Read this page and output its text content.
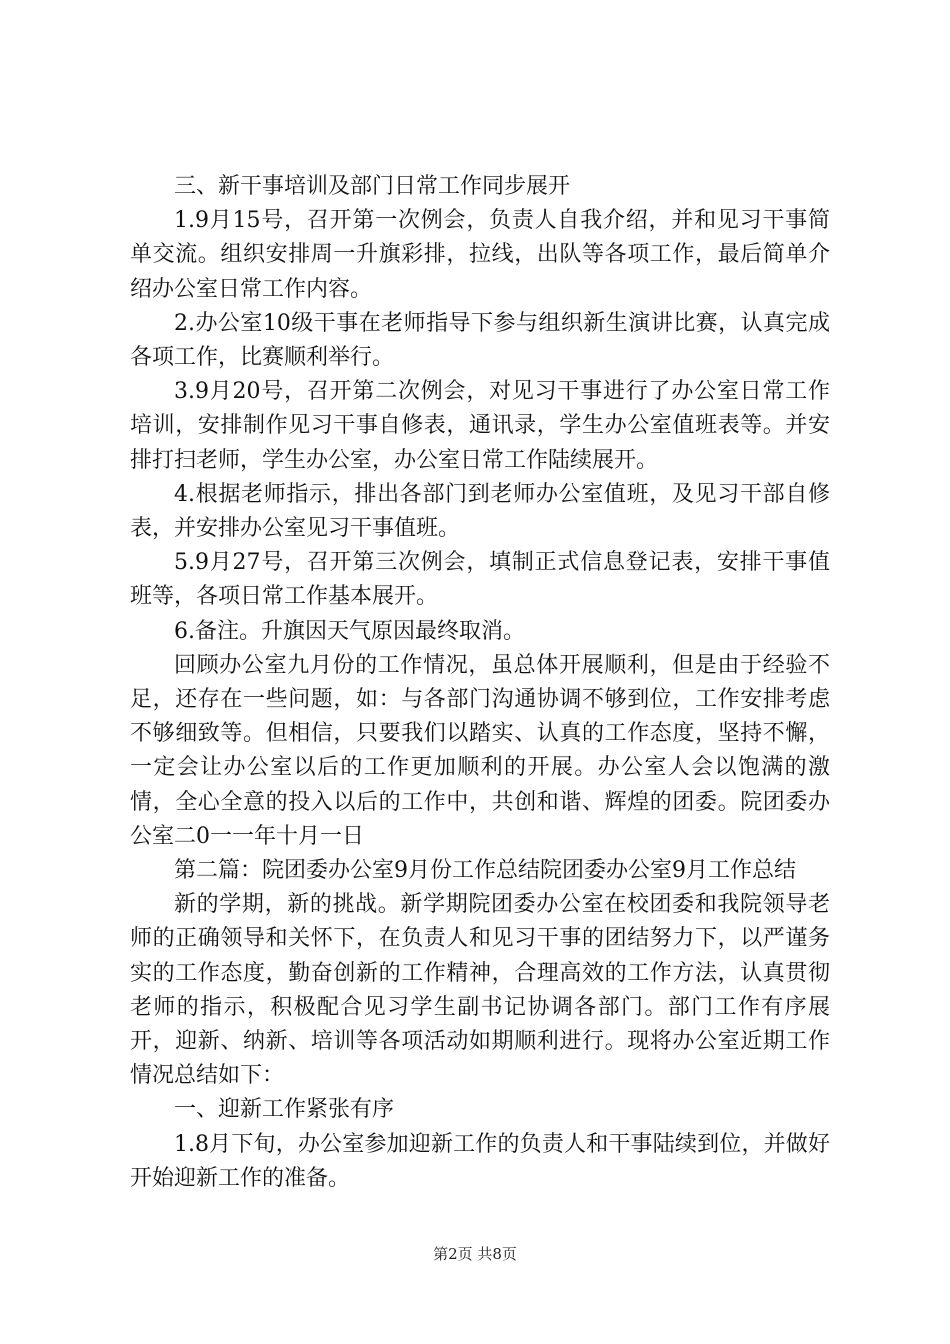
三、新干事培训及部门日常工作同步展开

1.9月15号，召开第一次例会，负责人自我介绍，并和见习干事简单交流。组织安排周一升旗彩排，拉线，出队等各项工作，最后简单介绍办公室日常工作内容。

2.办公室10级干事在老师指导下参与组织新生演讲比赛，认真完成各项工作，比赛顺利举行。

3.9月20号，召开第二次例会，对见习干事进行了办公室日常工作培训，安排制作见习干事自修表，通讯录，学生办公室值班表等。并安排打扫老师，学生办公室，办公室日常工作陆续展开。

4.根据老师指示，排出各部门到老师办公室值班，及见习干部自修表，并安排办公室见习干事值班。

5.9月27号，召开第三次例会，填制正式信息登记表，安排干事值班等，各项日常工作基本展开。

6.备注。升旗因天气原因最终取消。

回顾办公室九月份的工作情况，虽总体开展顺利，但是由于经验不足，还存在一些问题，如：与各部门沟通协调不够到位，工作安排考虑不够细致等。但相信，只要我们以踏实、认真的工作态度，坚持不懈，一定会让办公室以后的工作更加顺利的开展。办公室人会以饱满的激情，全心全意的投入以后的工作中，共创和谐、辉煌的团委。院团委办公室二0一一年十月一日

第二篇：院团委办公室9月份工作总结院团委办公室9月工作总结

新的学期，新的挑战。新学期院团委办公室在校团委和我院领导老师的正确领导和关怀下，在负责人和见习干事的团结努力下，以严谨务实的工作态度，勤奋创新的工作精神，合理高效的工作方法，认真贯彻老师的指示，积极配合见习学生副书记协调各部门。部门工作有序展开，迎新、纳新、培训等各项活动如期顺利进行。现将办公室近期工作情况总结如下：

一、迎新工作紧张有序

1.8月下旬，办公室参加迎新工作的负责人和干事陆续到位，并做好开始迎新工作的准备。

第2页 共8页
